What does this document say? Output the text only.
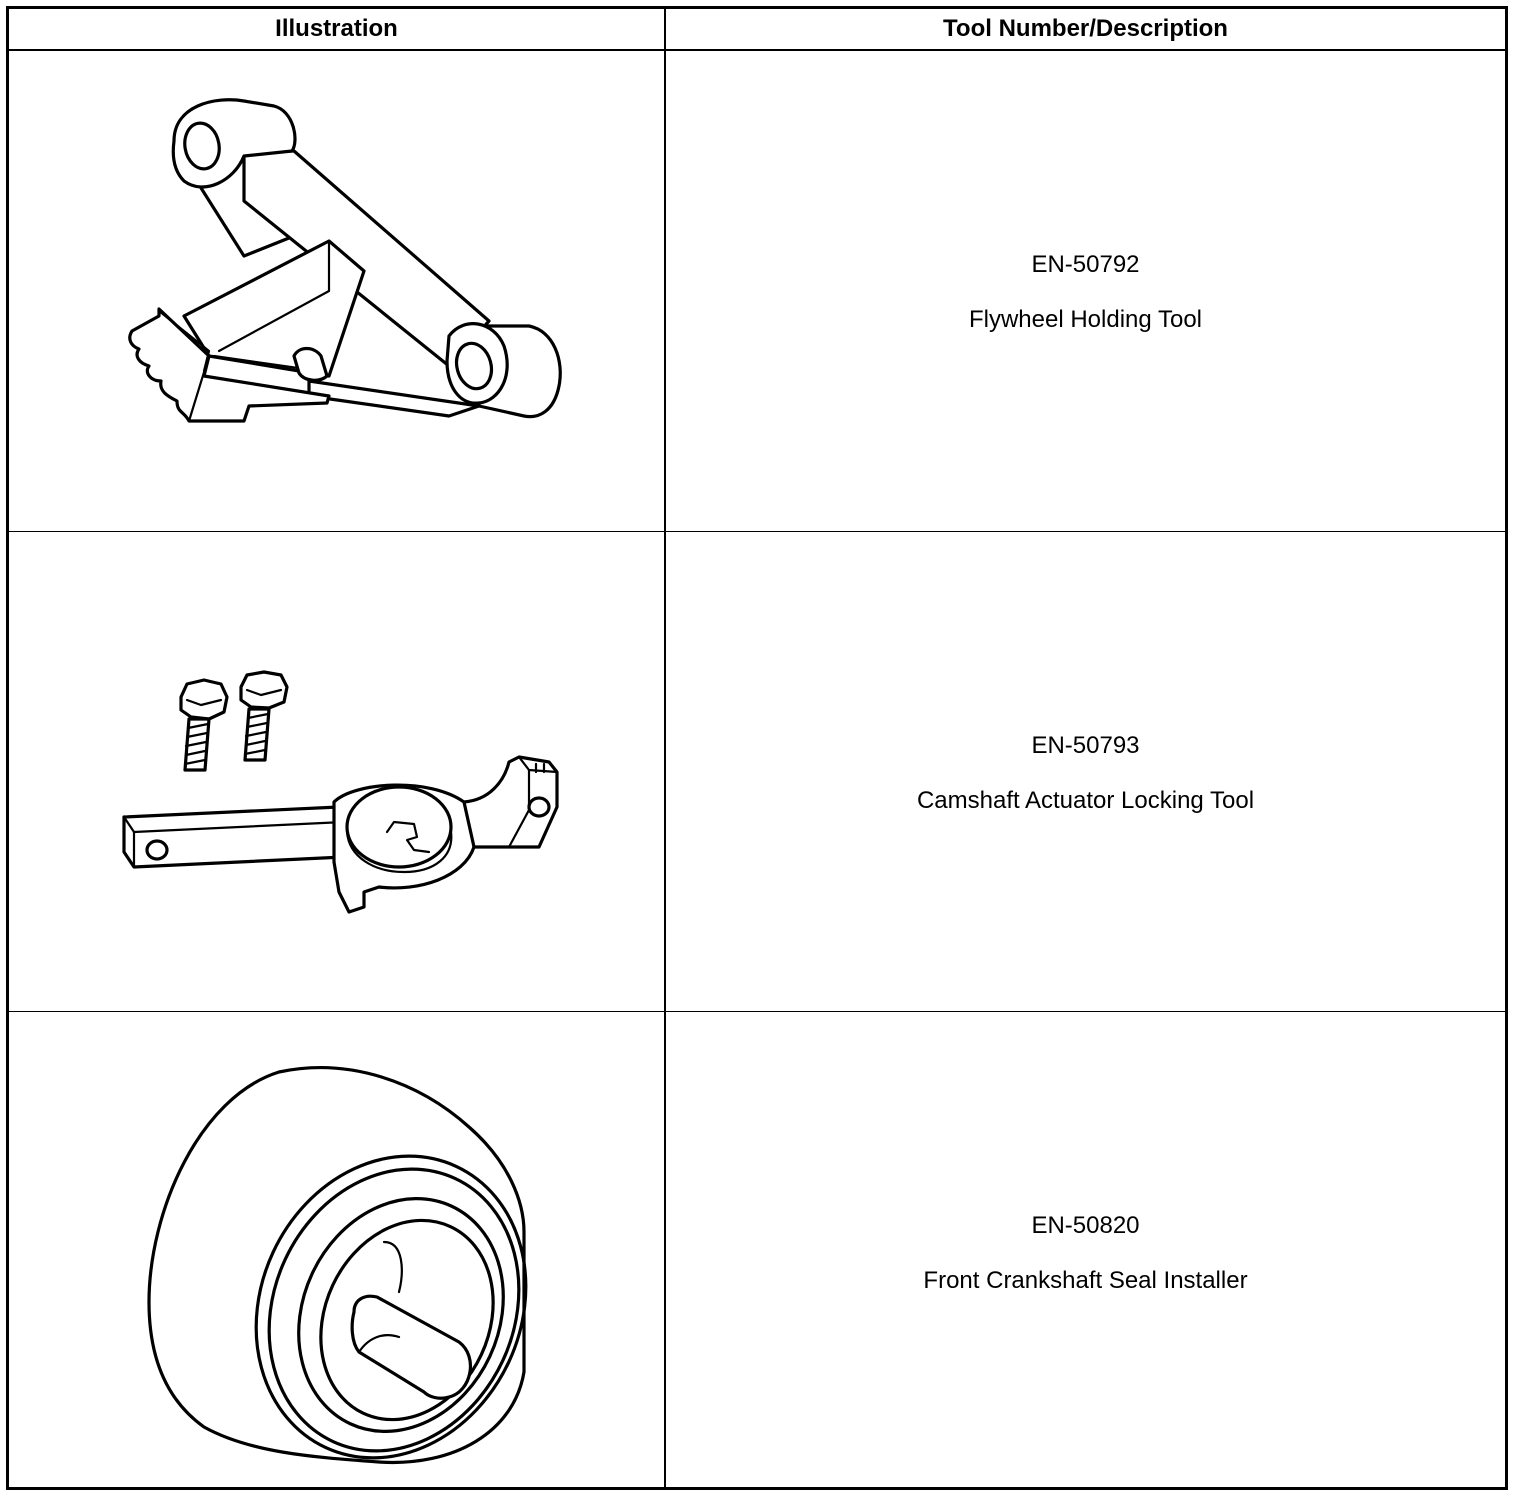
Illustration	Tool Number/Description
EN-50792
Flywheel Holding Tool
EN-50793
Camshaft Actuator Locking Tool
EN-50820
Front Crankshaft Seal Installer
